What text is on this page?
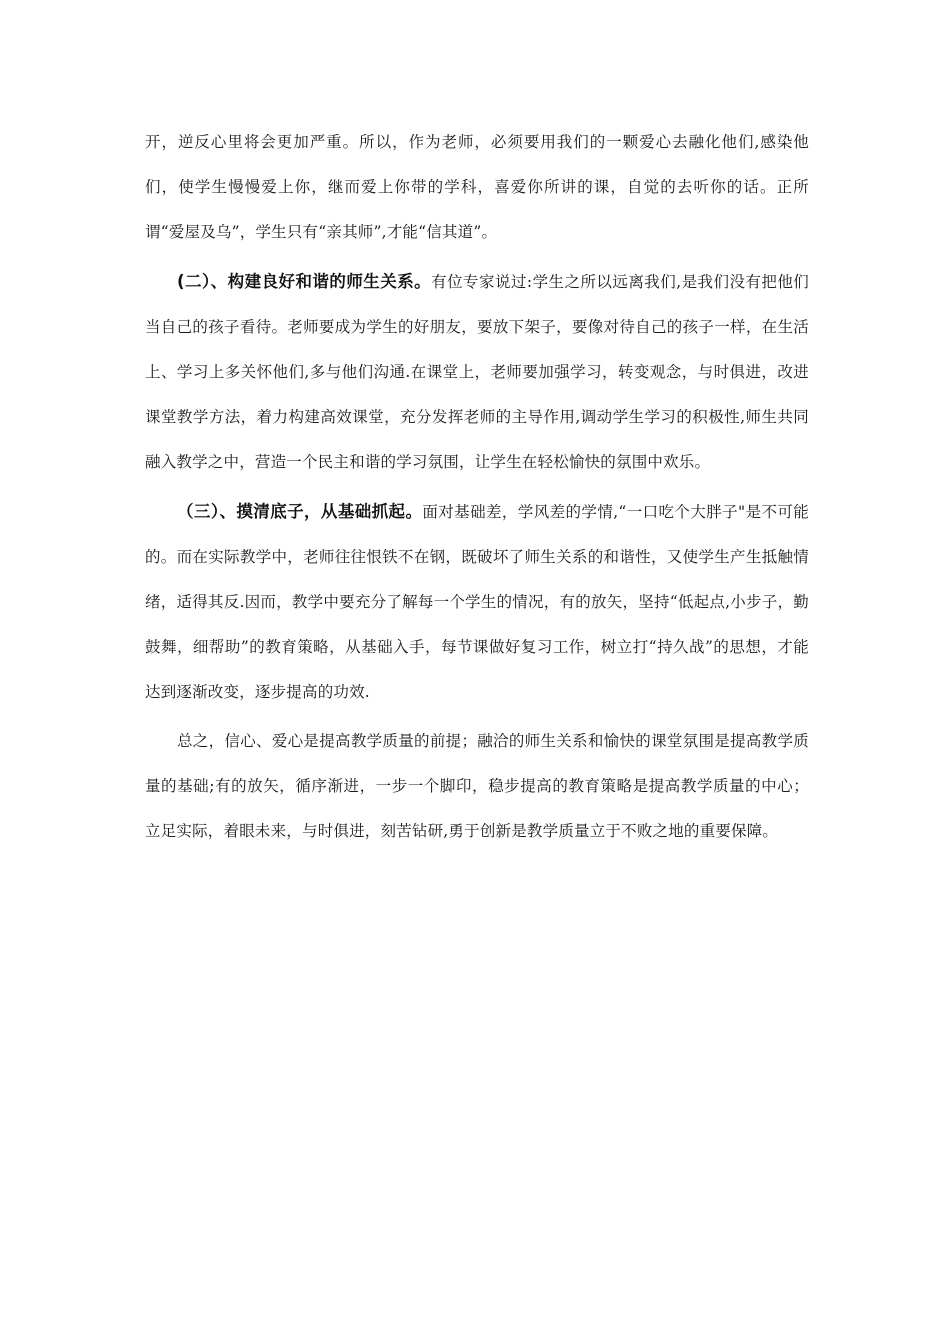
开，逆反心里将会更加严重。所以，作为老师，必须要用我们的一颗爱心去融化他们,感染他们，使学生慢慢爱上你，继而爱上你带的学科，喜爱你所讲的课，自觉的去听你的话。正所谓“爱屋及乌”，学生只有“亲其师”,才能“信其道”。

(二）、构建良好和谐的师生关系。有位专家说过:学生之所以远离我们,是我们没有把他们当自己的孩子看待。老师要成为学生的好朋友，要放下架子，要像对待自己的孩子一样，在生活上、学习上多关怀他们,多与他们沟通.在课堂上，老师要加强学习，转变观念，与时俱进，改进课堂教学方法，着力构建高效课堂，充分发挥老师的主导作用,调动学生学习的积极性,师生共同融入教学之中，营造一个民主和谐的学习氛围，让学生在轻松愉快的氛围中欢乐。

（三）、摸清底子，从基础抓起。面对基础差，学风差的学情,“一口吃个大胖子"是不可能的。而在实际教学中，老师往往恨铁不在钢，既破坏了师生关系的和谐性，又使学生产生抵触情绪，适得其反.因而，教学中要充分了解每一个学生的情况，有的放矢，坚持“低起点,小步子，勤鼓舞，细帮助”的教育策略，从基础入手，每节课做好复习工作，树立打“持久战”的思想，才能达到逐渐改变，逐步提高的功效.

总之，信心、爱心是提高教学质量的前提；融洽的师生关系和愉快的课堂氛围是提高教学质量的基础;有的放矢，循序渐进，一步一个脚印，稳步提高的教育策略是提高教学质量的中心；立足实际，着眼未来，与时俱进，刻苦钻研,勇于创新是教学质量立于不败之地的重要保障。
